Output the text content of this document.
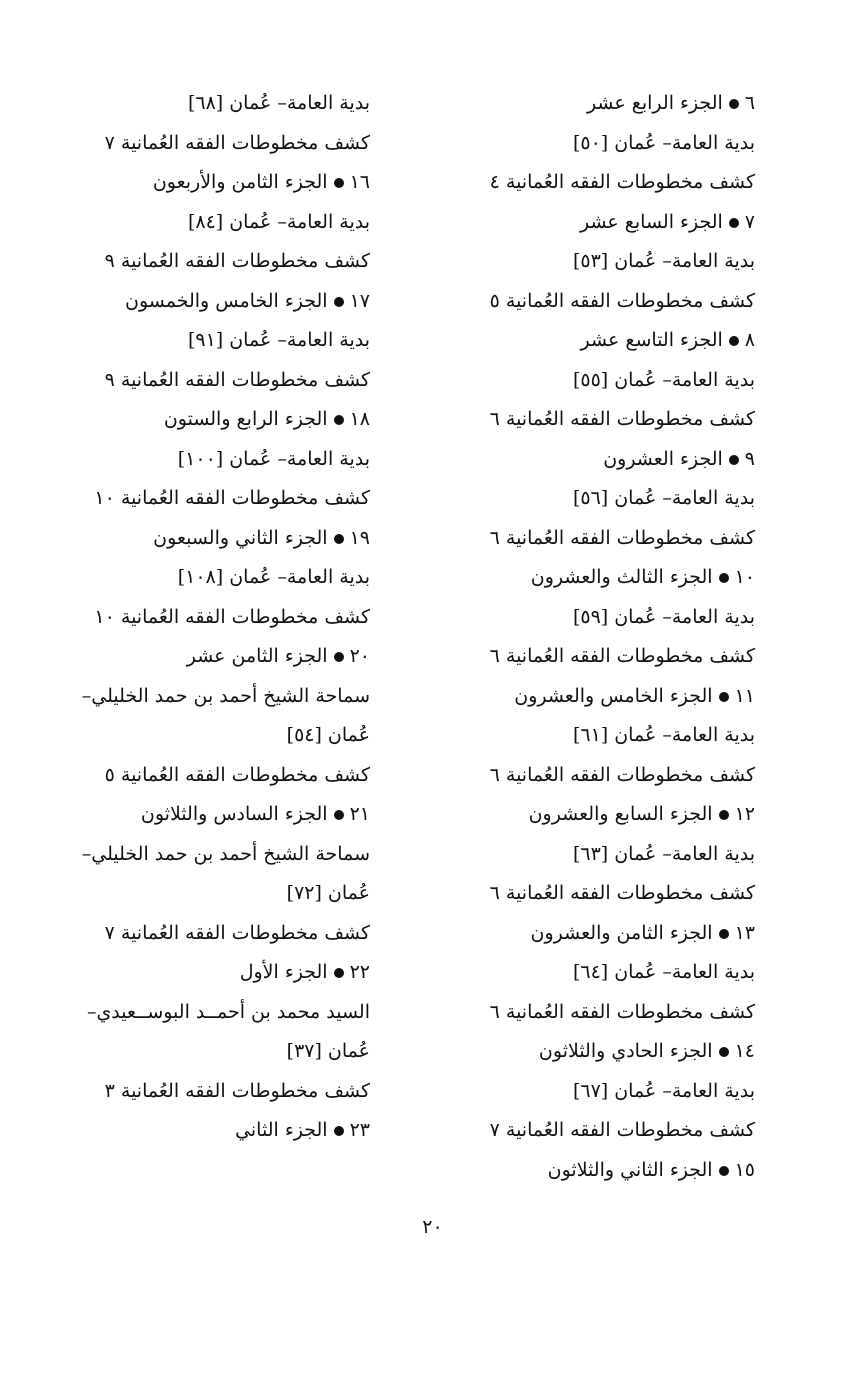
٦الجزء الرابع عشر
بدية العامة– عُمان [٥٠]
كشف مخطوطات الفقه العُمانية ٤
٧الجزء السابع عشر
بدية العامة– عُمان [٥٣]
كشف مخطوطات الفقه العُمانية ٥
٨الجزء التاسع عشر
بدية العامة– عُمان [٥٥]
كشف مخطوطات الفقه العُمانية ٦
٩الجزء العشرون
بدية العامة– عُمان [٥٦]
كشف مخطوطات الفقه العُمانية ٦
١٠الجزء الثالث والعشرون
بدية العامة– عُمان [٥٩]
كشف مخطوطات الفقه العُمانية ٦
١١الجزء الخامس والعشرون
بدية العامة– عُمان [٦١]
كشف مخطوطات الفقه العُمانية ٦
١٢الجزء السابع والعشرون
بدية العامة– عُمان [٦٣]
كشف مخطوطات الفقه العُمانية ٦
١٣الجزء الثامن والعشرون
بدية العامة– عُمان [٦٤]
كشف مخطوطات الفقه العُمانية ٦
١٤الجزء الحادي والثلاثون
بدية العامة– عُمان [٦٧]
كشف مخطوطات الفقه العُمانية ٧
١٥الجزء الثاني والثلاثون
بدية العامة– عُمان [٦٨]
كشف مخطوطات الفقه العُمانية ٧
١٦الجزء الثامن والأربعون
بدية العامة– عُمان [٨٤]
كشف مخطوطات الفقه العُمانية ٩
١٧الجزء الخامس والخمسون
بدية العامة– عُمان [٩١]
كشف مخطوطات الفقه العُمانية ٩
١٨الجزء الرابع والستون
بدية العامة– عُمان [١٠٠]
كشف مخطوطات الفقه العُمانية ١٠
١٩الجزء الثاني والسبعون
بدية العامة– عُمان [١٠٨]
كشف مخطوطات الفقه العُمانية ١٠
٢٠الجزء الثامن عشر
سماحة الشيخ أحمد بن حمد الخليلي–
عُمان [٥٤]
كشف مخطوطات الفقه العُمانية ٥
٢١الجزء السادس والثلاثون
سماحة الشيخ أحمد بن حمد الخليلي–
عُمان [٧٢]
كشف مخطوطات الفقه العُمانية ٧
٢٢الجزء الأول
السيد محمد بن أحمــد البوســعيدي–
عُمان [٣٧]
كشف مخطوطات الفقه العُمانية ٣
٢٣الجزء الثاني
٢٠
